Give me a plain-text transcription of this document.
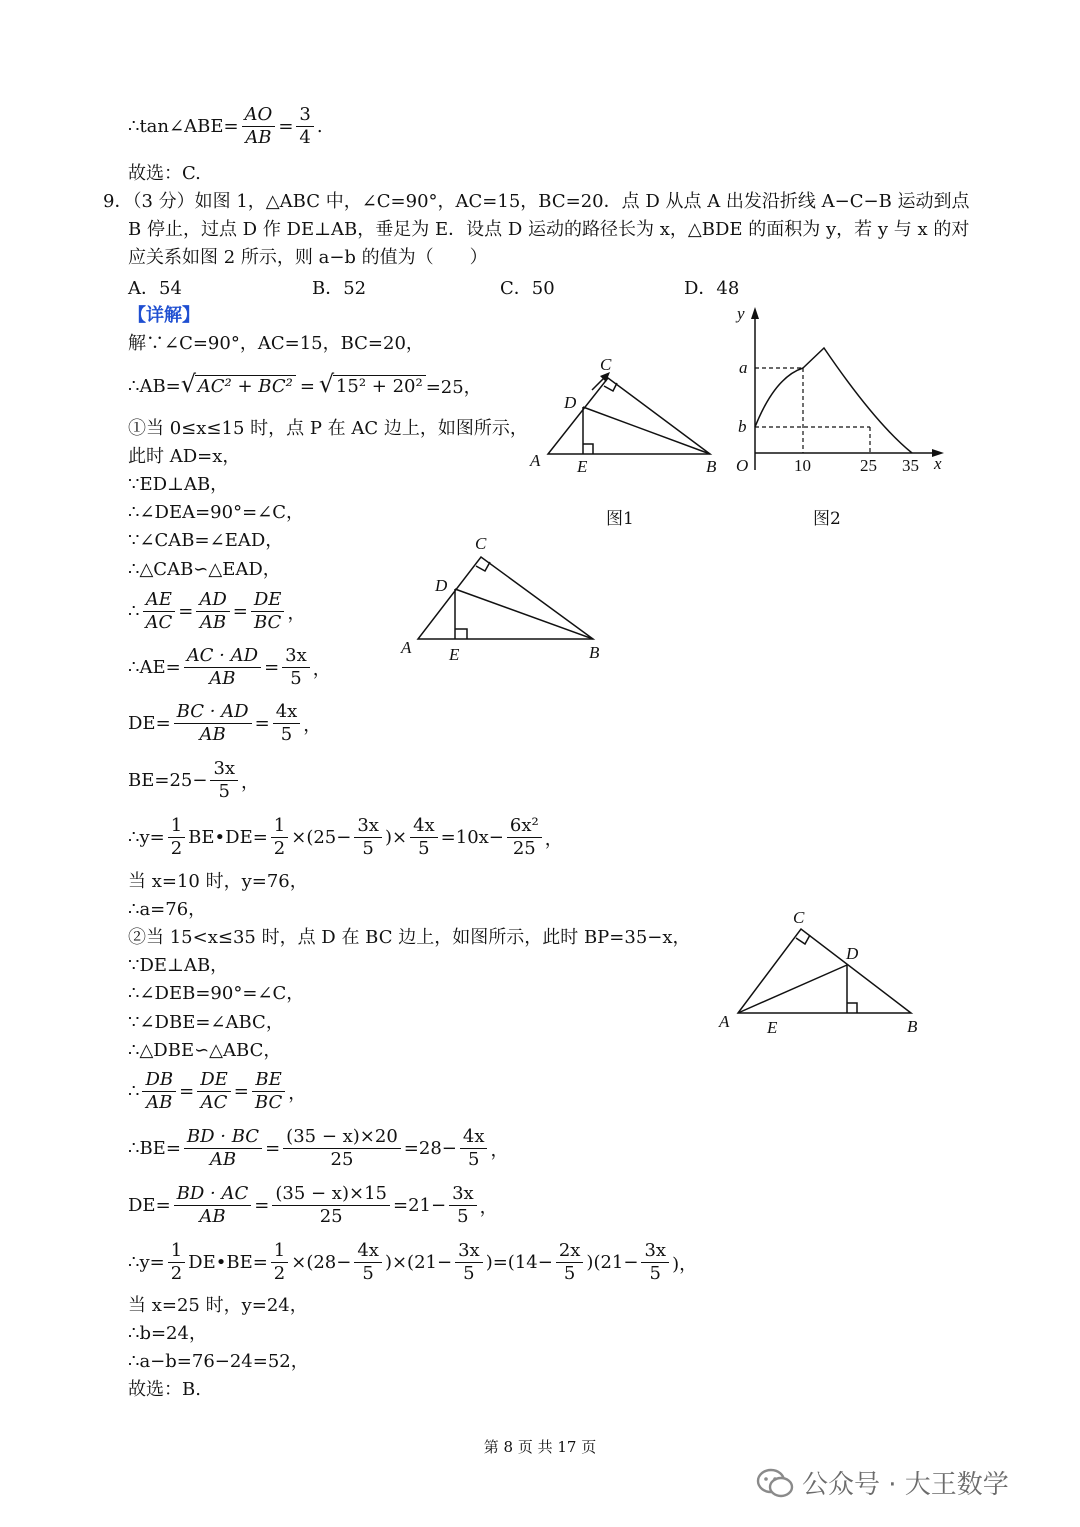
∴tan∠ABE= $\frac{AO}{AB} = \frac{3}{4}$ .
故选：C.
9．（3 分）如图 1，△ABC 中，∠C=90°，AC=15，BC=20．点 D 从点 A 出发沿折线 A−C−B 运动到点
B 停止，过点 D 作 DE⊥AB，垂足为 E．设点 D 运动的路径长为 x，△BDE 的面积为 y，若 y 与 x 的对
应关系如图 2 所示，则 a−b 的值为（　　）
A．54	B．52	C．50	D．48
【详解】
解∵∠C=90°，AC=15，BC=20，
∴AB= √ AC² + BC² = √ 15² + 20² =25，
①当 0≤x≤15 时，点 P 在 AC 边上，如图所示，
此时 AD=x，
∵ED⊥AB，
∴∠DEA=90°=∠C，
∵∠CAB=∠EAD，
∴△CAB∽△EAD，
∴ $\frac{AE}{AC} = \frac{AD}{AB} = \frac{DE}{BC}$ ，
∴AE= $\frac{AC \cdot AD}{AB} = \frac{3x}{5}$ ，
$DE= \frac{BC \cdot AD}{AB} = \frac{4x}{5}$ ，
$BE=25- \frac{3x}{5}$ ，
∴y= $\frac{1}{2}$ BE•DE= $\frac{1}{2} \times(25- \frac{3x}{5}$ )× $\frac{4x}{5} =10x- \frac{\text{6x²}}{25}$ ，
当 x=10 时，y=76，
∴a=76，
②当 15<x≤35 时，点 D 在 BC 边上，如图所示，此时 BP=35−x，
∵DE⊥AB，
∴∠DEB=90°=∠C，
∵∠DBE=∠ABC，
∴△DBE∽△ABC，
∴ $\frac{DB}{AB} = \frac{DE}{AC} = \frac{BE}{BC}$ ，
∴BE= $\frac{BD \cdot BC}{AB} = \frac{(35 - x)\times 20}{25} =28- \frac{4x}{5}$ ，
$DE= \frac{BD \cdot AC}{AB} = \frac{(35 - x)\times 15}{25} =21- \frac{3x}{5}$ ，
∴y= $\frac{1}{2}$ DE•BE= $\frac{1}{2} \times(28- \frac{4x}{5} )\times(21- \frac{3x}{5} )=(14- \frac{2x}{5} )(21- \frac{3x}{5}$ )，
当 x=25 时，y=24，
∴b=24，
∴a−b=76−24=52，
故选：B.
A	B
C
D
E
图1
y
a
b
O	10	25 35 x
图2
A	B
C
D
E
A	B
C
D
E
第 8 页 共 17 页
公众号 · 大王数学
